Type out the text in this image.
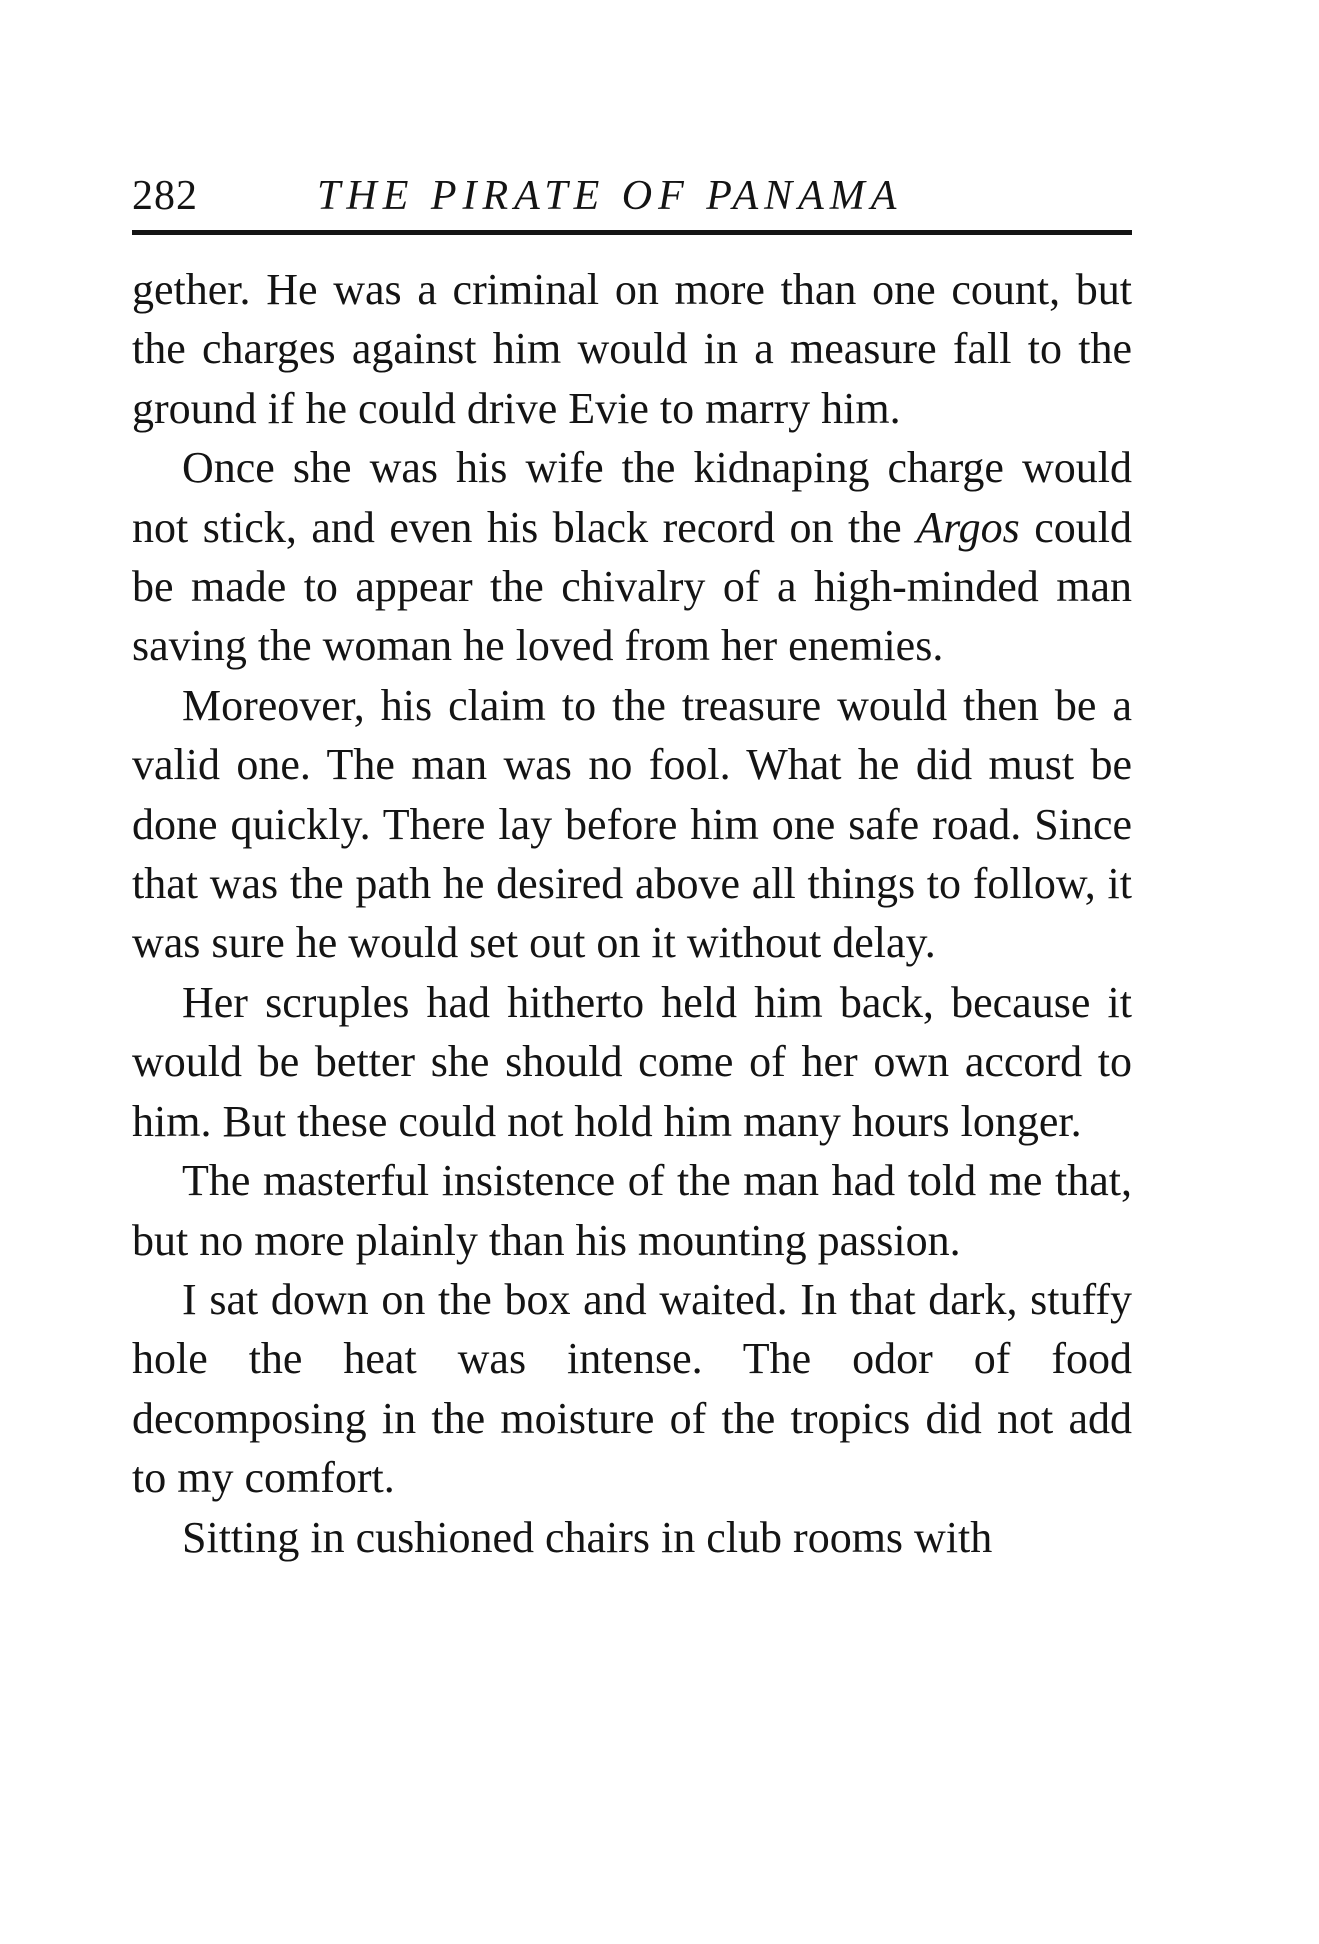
282	THE PIRATE OF PANAMA

gether. He was a criminal on more than one count, but the charges against him would in a measure fall to the ground if he could drive Evie to marry him.

Once she was his wife the kidnaping charge would not stick, and even his black record on the Argos could be made to appear the chivalry of a high-minded man saving the woman he loved from her enemies.

Moreover, his claim to the treasure would then be a valid one. The man was no fool. What he did must be done quickly. There lay before him one safe road. Since that was the path he desired above all things to follow, it was sure he would set out on it without delay.

Her scruples had hitherto held him back, because it would be better she should come of her own accord to him. But these could not hold him many hours longer.

The masterful insistence of the man had told me that, but no more plainly than his mounting passion.

I sat down on the box and waited. In that dark, stuffy hole the heat was intense. The odor of food decomposing in the moisture of the tropics did not add to my comfort.

Sitting in cushioned chairs in club rooms with
